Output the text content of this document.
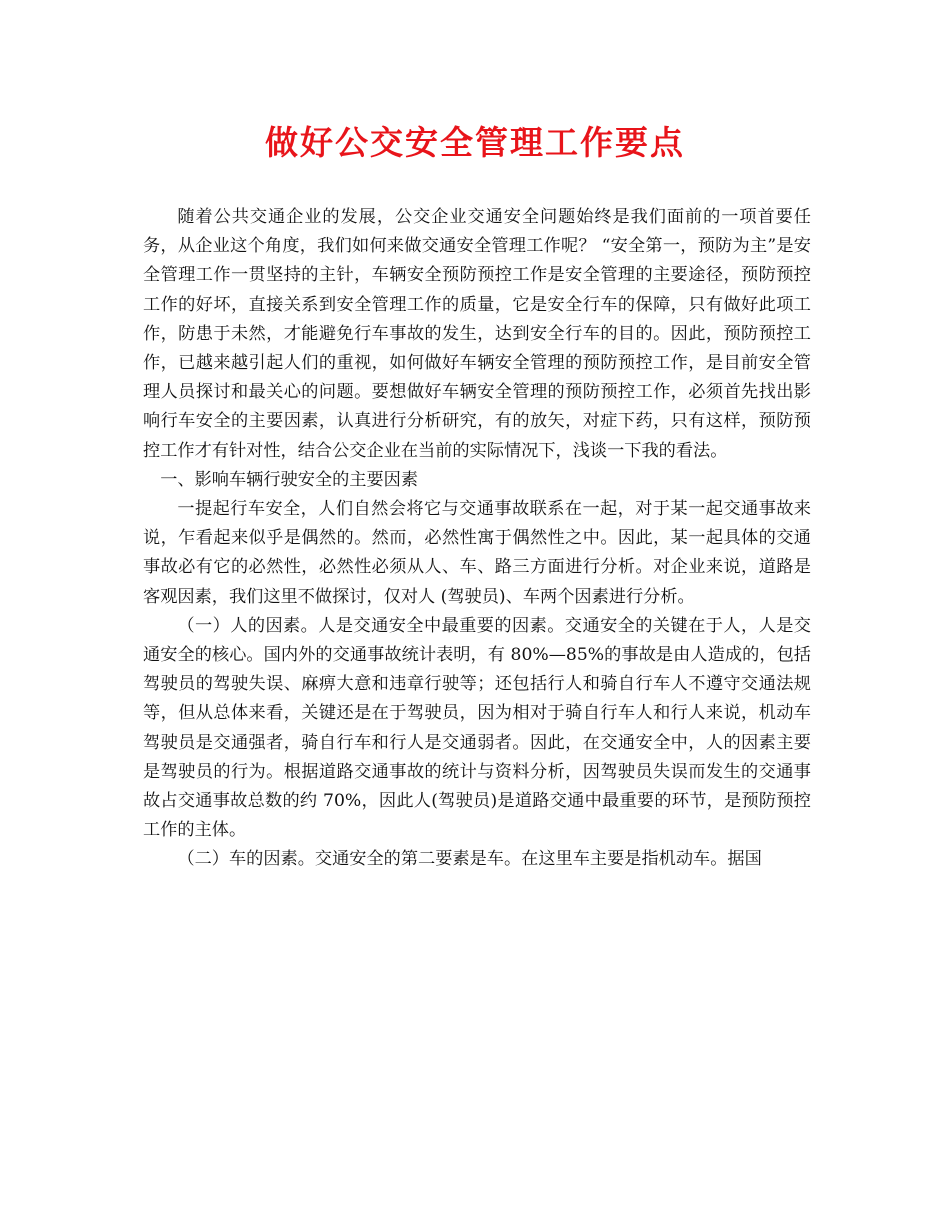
做好公交安全管理工作要点

随着公共交通企业的发展，公交企业交通安全问题始终是我们面前的一项首要任务，从企业这个角度，我们如何来做交通安全管理工作呢？ “安全第一，预防为主”是安全管理工作一贯坚持的主针，车辆安全预防预控工作是安全管理的主要途径，预防预控工作的好坏，直接关系到安全管理工作的质量，它是安全行车的保障，只有做好此项工作，防患于未然，才能避免行车事故的发生，达到安全行车的目的。因此，预防预控工作，已越来越引起人们的重视，如何做好车辆安全管理的预防预控工作，是目前安全管理人员探讨和最关心的问题。要想做好车辆安全管理的预防预控工作，必须首先找出影响行车安全的主要因素，认真进行分析研究，有的放矢，对症下药，只有这样，预防预控工作才有针对性，结合公交企业在当前的实际情况下，浅谈一下我的看法。

一、影响车辆行驶安全的主要因素

一提起行车安全，人们自然会将它与交通事故联系在一起，对于某一起交通事故来说，乍看起来似乎是偶然的。然而，必然性寓于偶然性之中。因此，某一起具体的交通事故必有它的必然性，必然性必须从人、车、路三方面进行分析。对企业来说，道路是客观因素，我们这里不做探讨，仅对人 (驾驶员)、车两个因素进行分析。

（一）人的因素。人是交通安全中最重要的因素。交通安全的关键在于人，人是交通安全的核心。国内外的交通事故统计表明，有 80%—85%的事故是由人造成的，包括驾驶员的驾驶失误、麻痹大意和违章行驶等；还包括行人和骑自行车人不遵守交通法规等，但从总体来看，关键还是在于驾驶员，因为相对于骑自行车人和行人来说，机动车驾驶员是交通强者，骑自行车和行人是交通弱者。因此，在交通安全中，人的因素主要是驾驶员的行为。根据道路交通事故的统计与资料分析，因驾驶员失误而发生的交通事故占交通事故总数的约 70%，因此人(驾驶员)是道路交通中最重要的环节，是预防预控工作的主体。

（二）车的因素。交通安全的第二要素是车。在这里车主要是指机动车。据国
